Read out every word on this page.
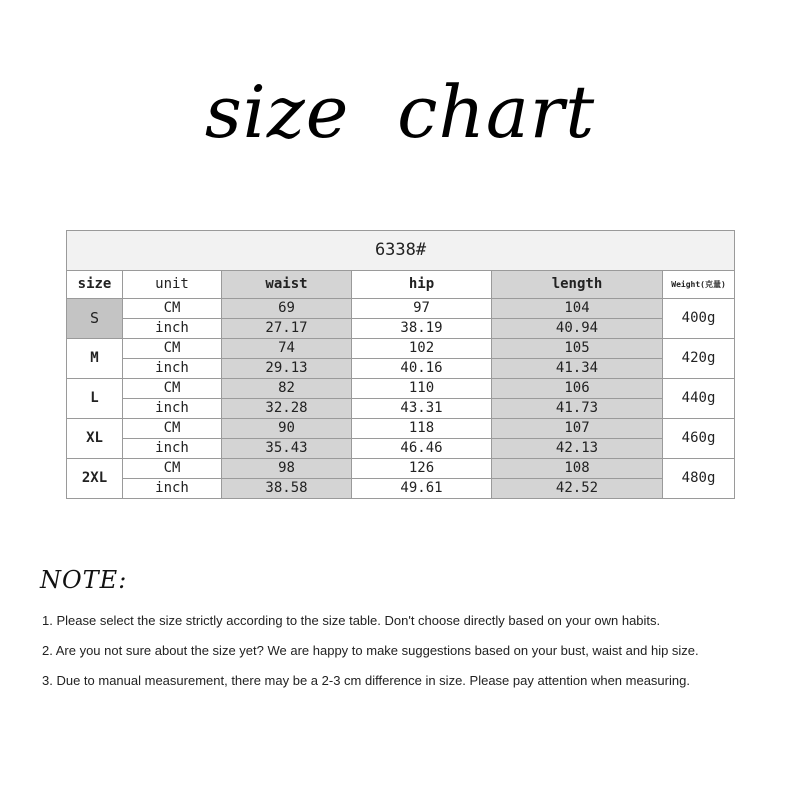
size  chart
6338#					
size	unit	waist	hip	length	Weight(克量)
S	CM	69	97	104	400g
	inch	27.17	38.19	40.94	
M	CM	74	102	105	420g
	inch	29.13	40.16	41.34	
L	CM	82	110	106	440g
	inch	32.28	43.31	41.73	
XL	CM	90	118	107	460g
	inch	35.43	46.46	42.13	
2XL	CM	98	126	108	480g
	inch	38.58	49.61	42.52	
NOTE:
1. Please select the size strictly according to the size table. Don't choose directly based on your own habits.
2. Are you not sure about the size yet? We are happy to make suggestions based on your bust, waist and hip size.
3. Due to manual measurement, there may be a 2-3 cm difference in size. Please pay attention when measuring.
